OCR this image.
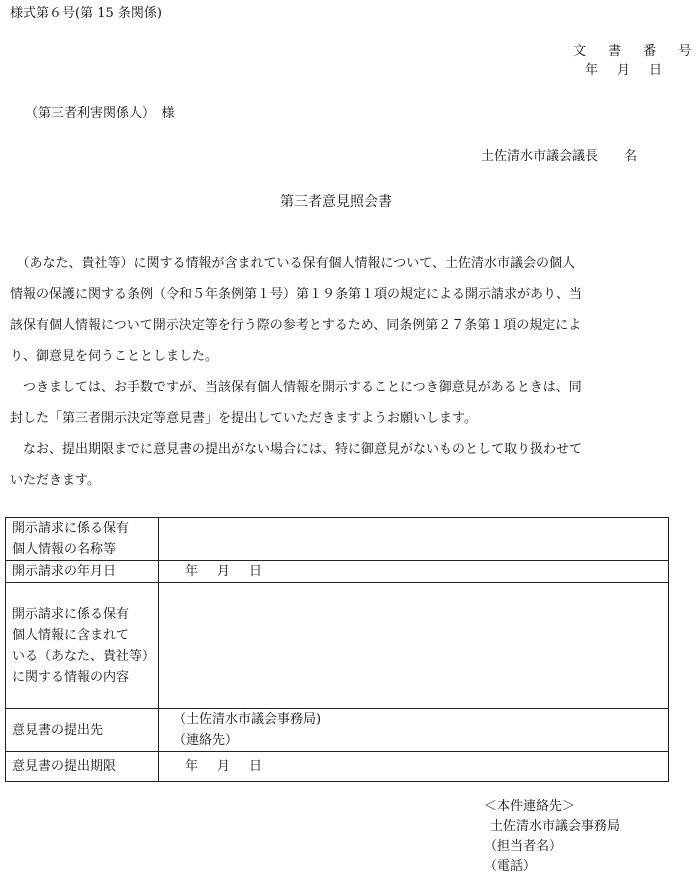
様式第６号(第 15 条関係)
文 書 番 号
年　月　日
（第三者利害関係人）　様
土佐清水市議会議長　　名
第三者意見照会書
　（あなた、貴社等）に関する情報が含まれている保有個人情報について、土佐清水市議会の個人
情報の保護に関する条例（令和５年条例第１号）第１９条第１項の規定による開示請求があり、当
該保有個人情報について開示決定等を行う際の参考とするため、同条例第２７条第１項の規定によ
り、御意見を伺うこととしました。
　つきましては、お手数ですが、当該保有個人情報を開示することにつき御意見があるときは、同
封した「第三者開示決定等意見書」を提出していただきますようお願いします。
　なお、提出期限までに意見書の提出がない場合には、特に御意見がないものとして取り扱わせて
いただきます。
開示請求に係る保有
個人情報の名称等	

開示請求の年月日	年　月　日

開示請求に係る保有
個人情報に含まれて
いる（あなた、貴社等）
に関する情報の内容	

意見書の提出先	（土佐清水市議会事務局)
（連絡先）

意見書の提出期限	年　月　日
＜本件連絡先＞
土佐清水市議会事務局
（担当者名）
（電話）
